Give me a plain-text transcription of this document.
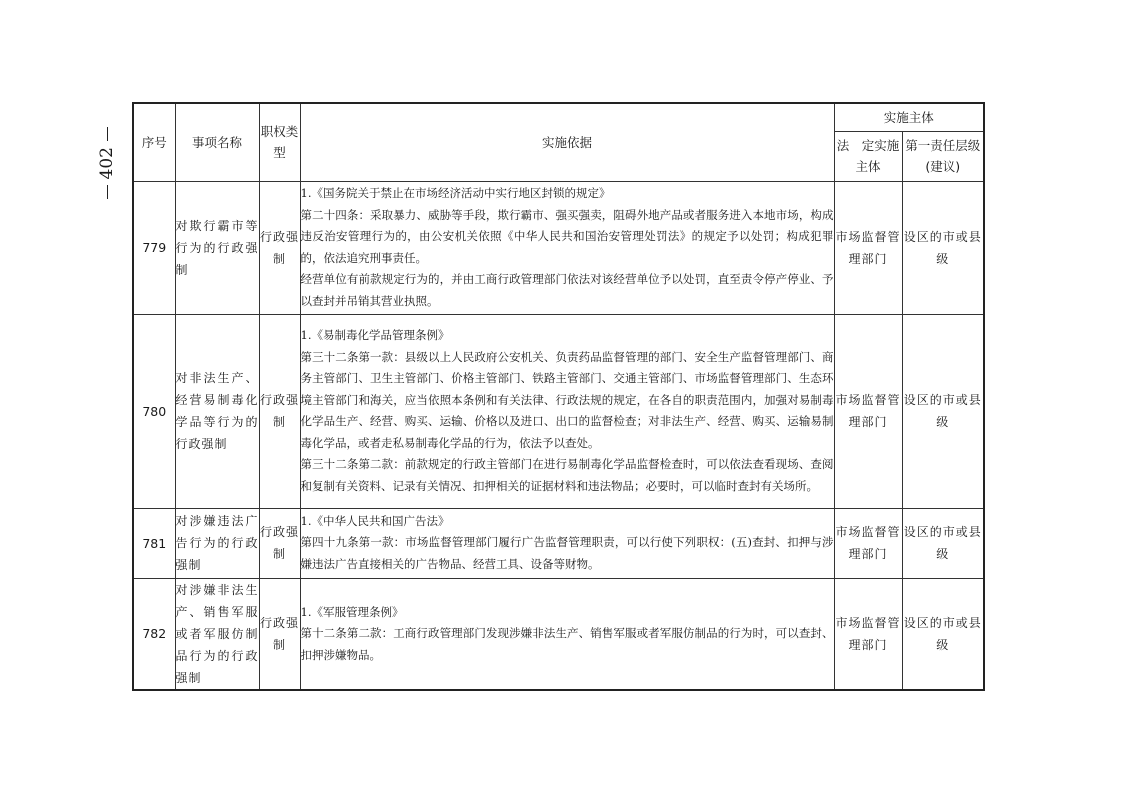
402
序号	事项名称	职权类型	实施依据	实施主体	
				法　定实施主体	第一责任层级(建议)
779	对欺行霸市等行为的行政强制	行政强制	1.《国务院关于禁止在市场经济活动中实行地区封锁的规定》

第二十四条：采取暴力、威胁等手段，欺行霸市、强买强卖，阻碍外地产品或者服务进入本地市场，构成违反治安管理行为的，由公安机关依照《中华人民共和国治安管理处罚法》的规定予以处罚；构成犯罪的，依法追究刑事责任。

经营单位有前款规定行为的，并由工商行政管理部门依法对该经营单位予以处罚，直至责令停产停业、予以查封并吊销其营业执照。	市场监督管理部门	设区的市或县级
780	对非法生产、经营易制毒化学品等行为的行政强制	行政强制	1.《易制毒化学品管理条例》

第三十二条第一款：县级以上人民政府公安机关、负责药品监督管理的部门、安全生产监督管理部门、商务主管部门、卫生主管部门、价格主管部门、铁路主管部门、交通主管部门、市场监督管理部门、生态环境主管部门和海关，应当依照本条例和有关法律、行政法规的规定，在各自的职责范围内，加强对易制毒化学品生产、经营、购买、运输、价格以及进口、出口的监督检查；对非法生产、经营、购买、运输易制毒化学品，或者走私易制毒化学品的行为，依法予以查处。

第三十二条第二款：前款规定的行政主管部门在进行易制毒化学品监督检查时，可以依法查看现场、查阅和复制有关资料、记录有关情况、扣押相关的证据材料和违法物品；必要时，可以临时查封有关场所。	市场监督管理部门	设区的市或县级
781	对涉嫌违法广告行为的行政强制	行政强制	1.《中华人民共和国广告法》

第四十九条第一款：市场监督管理部门履行广告监督管理职责，可以行使下列职权：(五)查封、扣押与涉嫌违法广告直接相关的广告物品、经营工具、设备等财物。	市场监督管理部门	设区的市或县级
782	对涉嫌非法生产、销售军服或者军服仿制品行为的行政强制	行政强制	1.《军服管理条例》

第十二条第二款：工商行政管理部门发现涉嫌非法生产、销售军服或者军服仿制品的行为时，可以查封、扣押涉嫌物品。	市场监督管理部门	设区的市或县级
